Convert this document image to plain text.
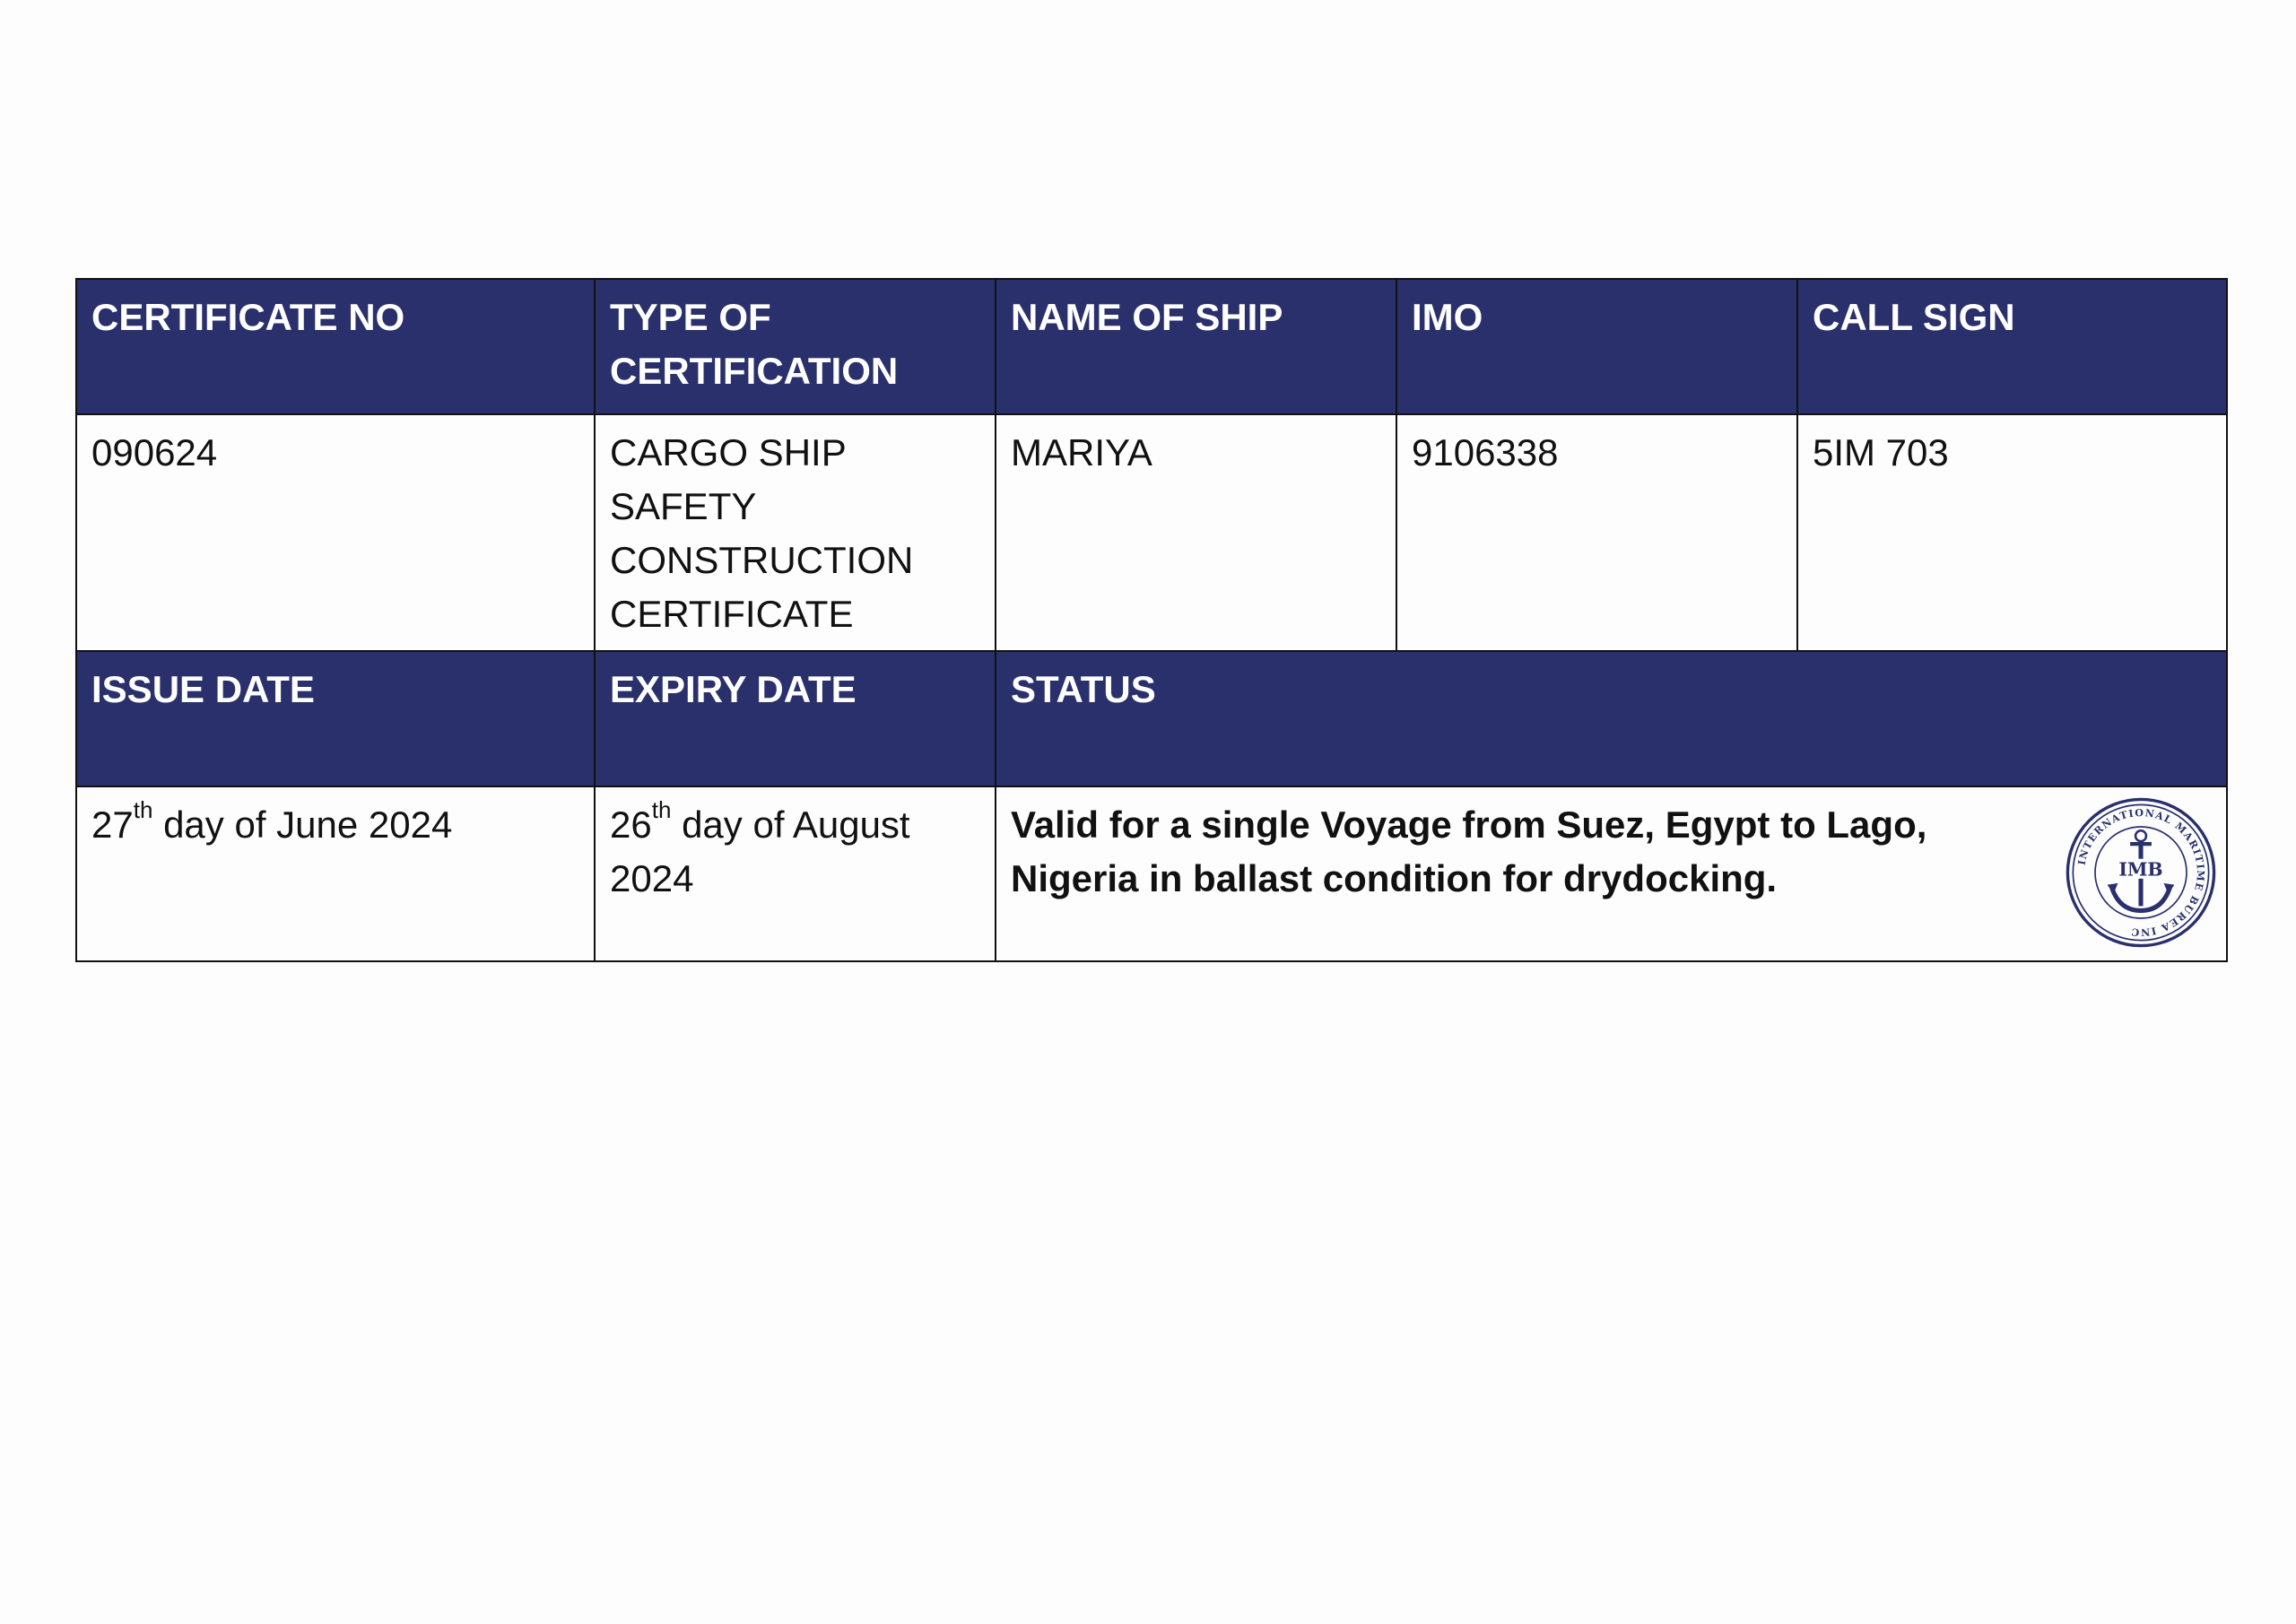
CERTIFICATE NO	TYPE OF CERTIFICATION	NAME OF SHIP	IMO	CALL SIGN
090624	CARGO SHIP SAFETY CONSTRUCTION CERTIFICATE	MARIYA	9106338	5IM 703
ISSUE DATE	EXPIRY DATE	STATUS		
27th day of June 2024	26th day of August 2024	Valid for a single Voyage from Suez, Egypt to Lago, Nigeria in ballast condition for drydocking. INTERNATIONAL MARITIME BUREA INC
IMB		
